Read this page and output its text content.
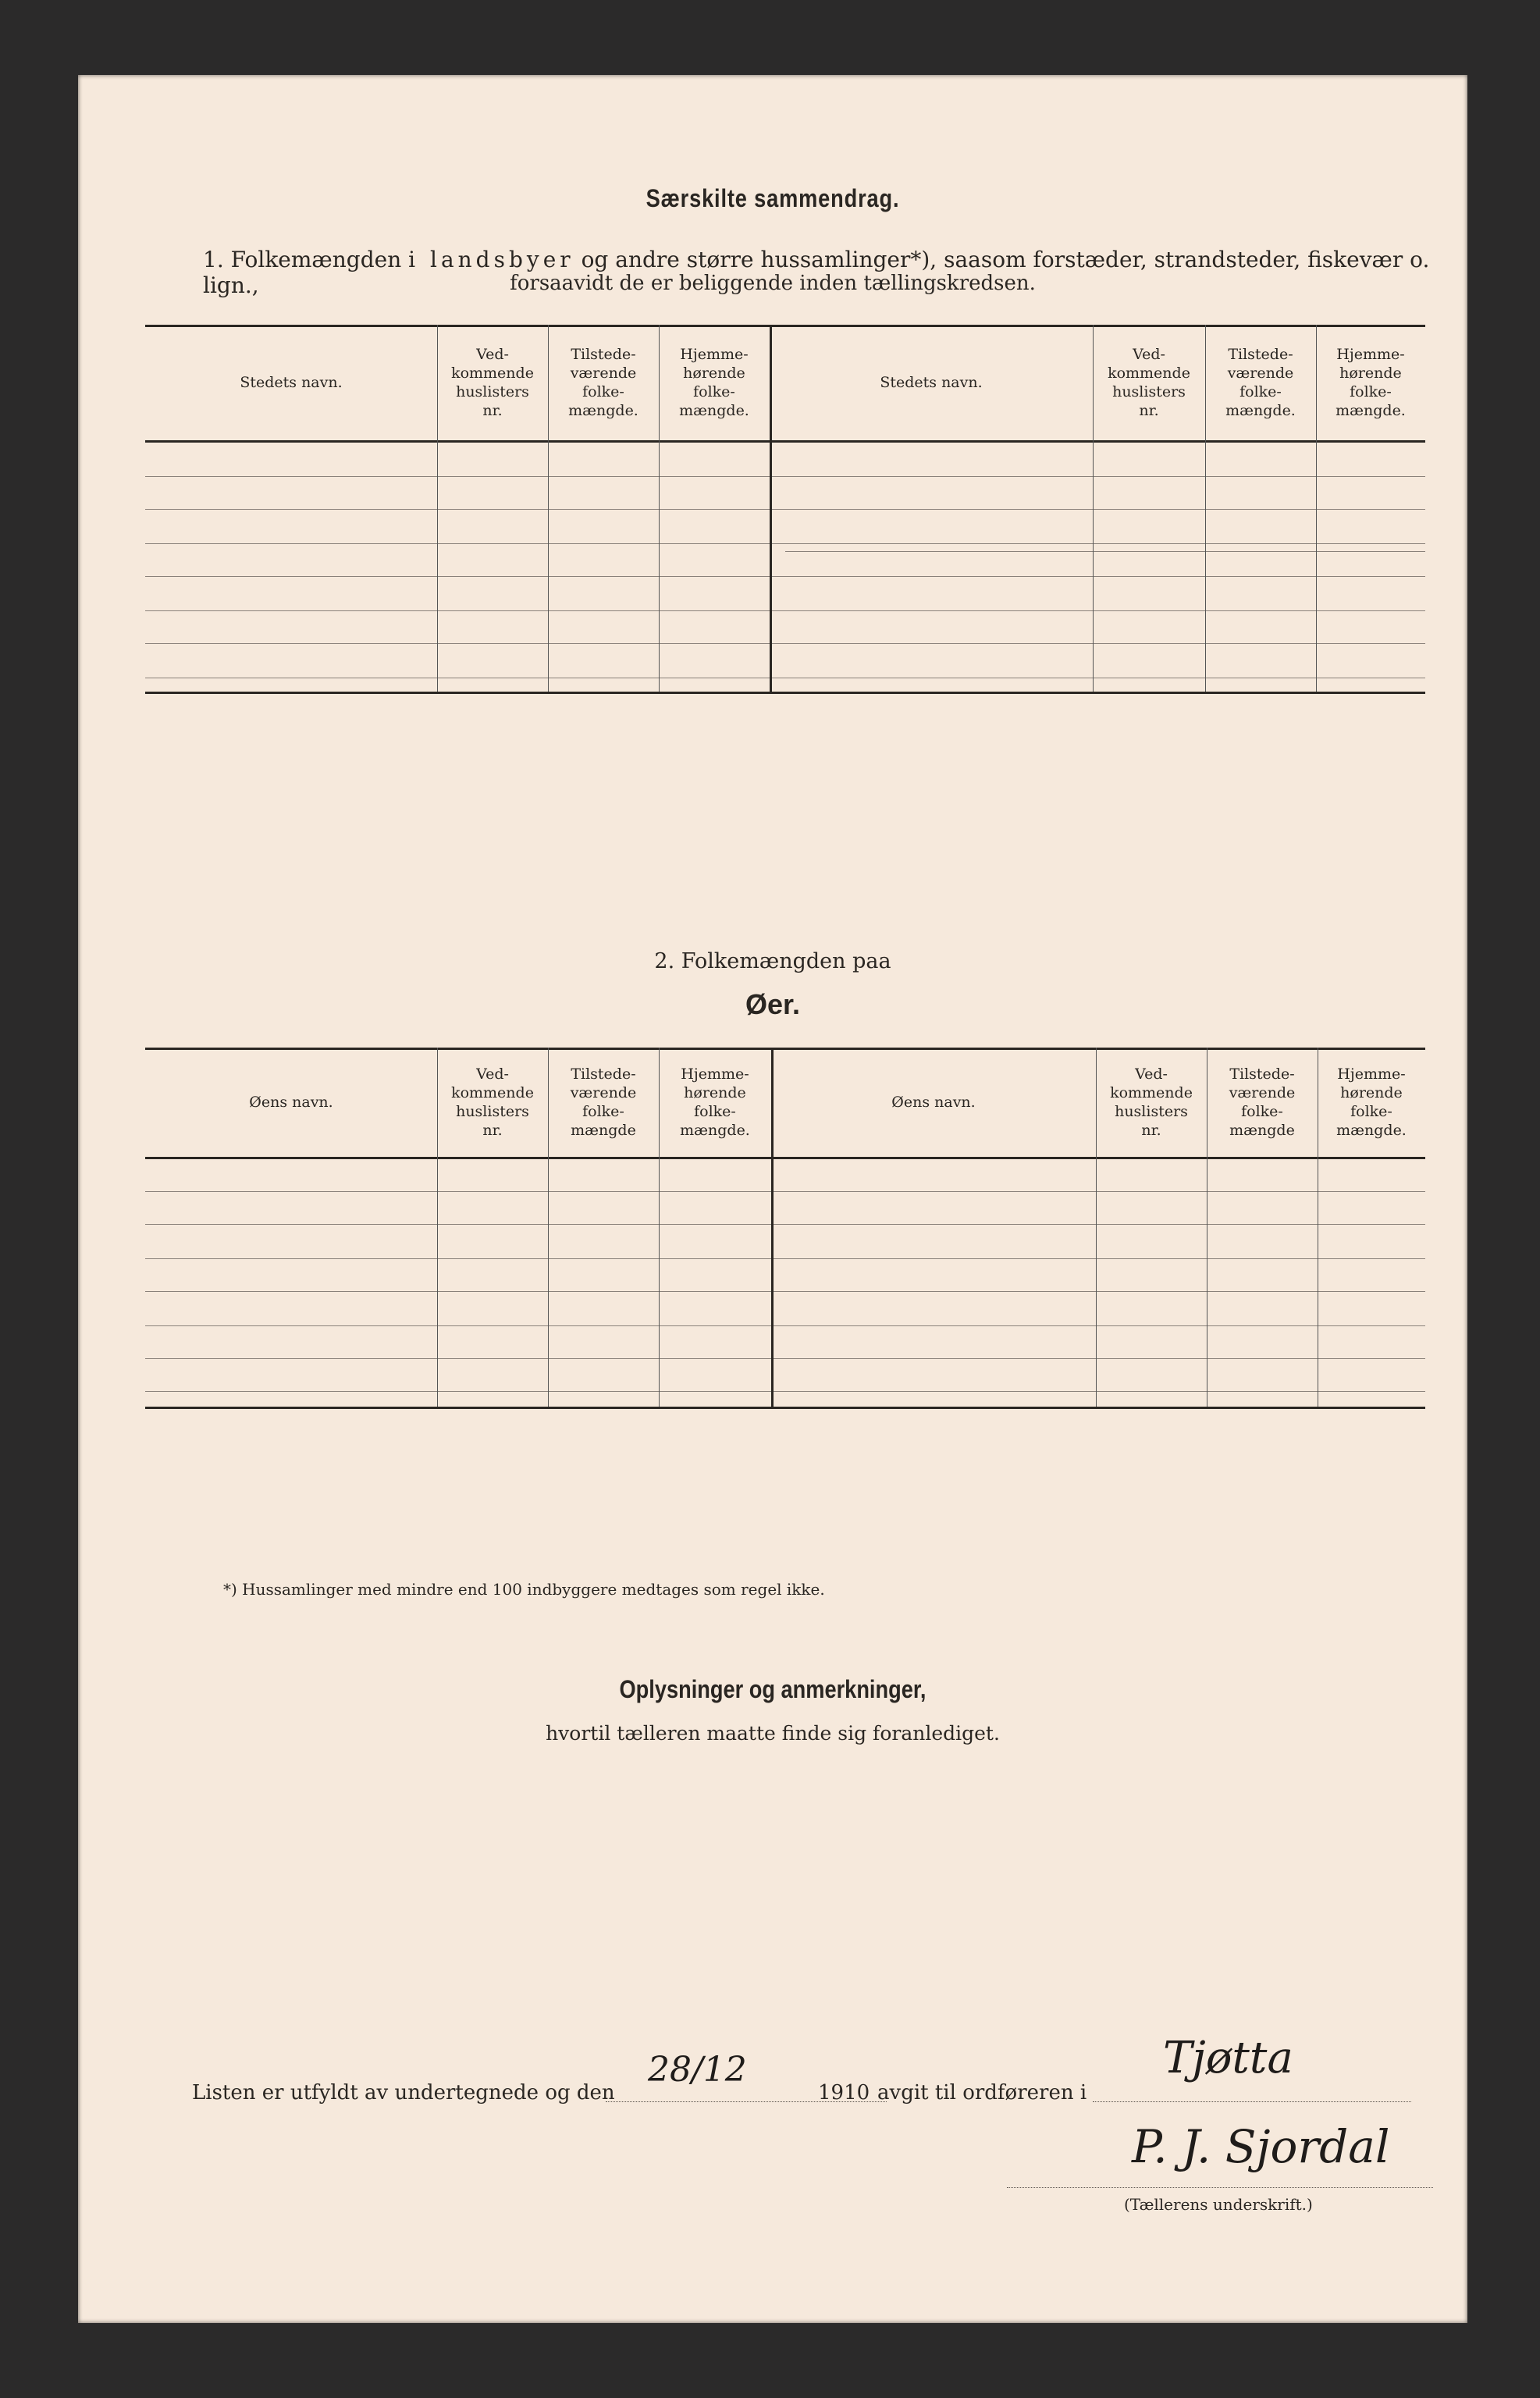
Særskilte sammendrag.
1. Folkemængden i landsbyer og andre større hussamlinger*), saasom forstæder, strandsteder, fiskevær o. lign.,	forsaavidt de er beliggende inden tællingskredsen.
Stedets navn.
Ved-
kommende
huslisters
nr.
Tilstede-
værende
folke-
mængde.
Hjemme-
hørende
folke-
mængde.
Stedets navn.
Ved-
kommende
huslisters
nr.
Tilstede-
værende
folke-
mængde.
Hjemme-
hørende
folke-
mængde.
2. Folkemængden paa
Øer.
Øens navn.
Ved-
kommende
huslisters
nr.
Tilstede-
værende
folke-
mængde
Hjemme-
hørende
folke-
mængde.
Øens navn.
Ved-
kommende
huslisters
nr.
Tilstede-
værende
folke-
mængde
Hjemme-
hørende
folke-
mængde.
*) Hussamlinger med mindre end 100 indbyggere medtages som regel ikke.
Oplysninger og anmerkninger,
hvortil tælleren maatte finde sig foranlediget.
Listen er utfyldt av undertegnede og den
28/12
1910 avgit til ordføreren i
Tjøtta
P. J. Sjordal
(Tællerens underskrift.)
